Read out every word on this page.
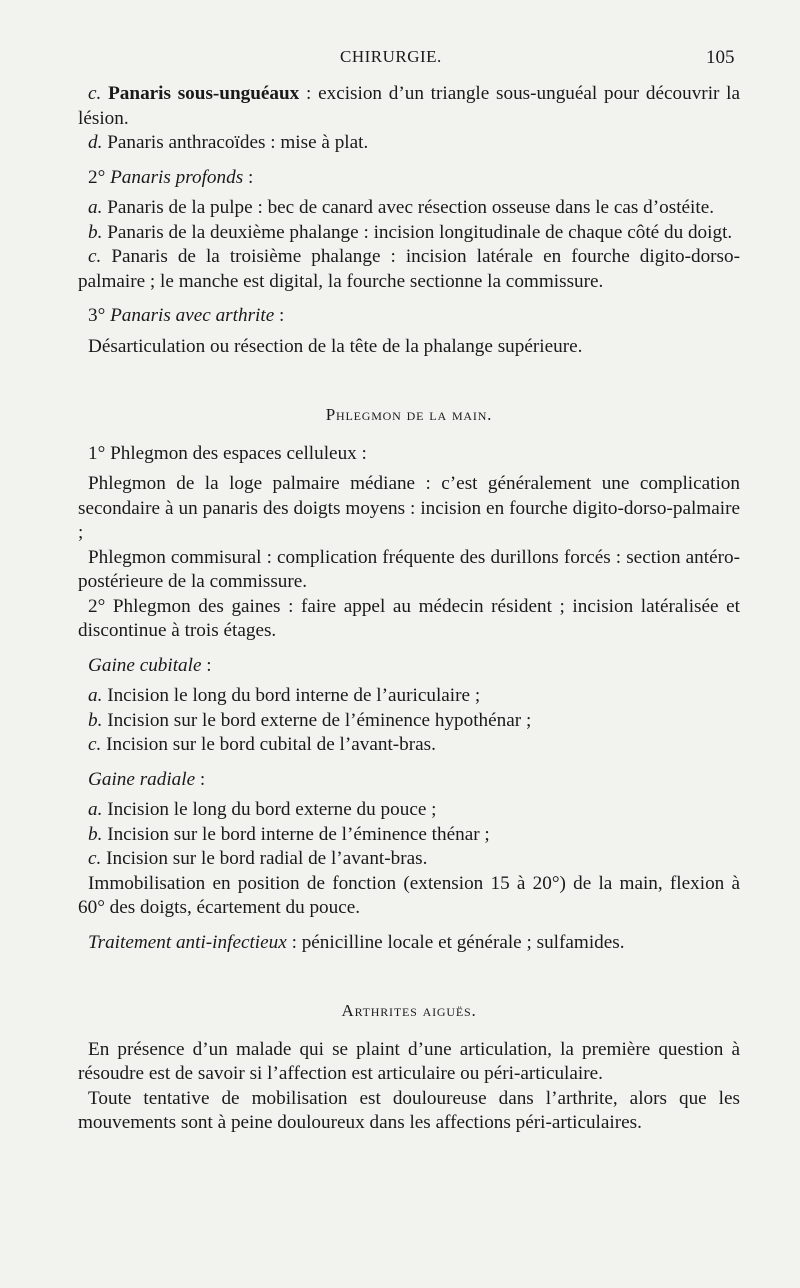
CHIRURGIE.	105

c. Panaris sous-unguéaux : excision d’un triangle sous-unguéal pour découvrir la lésion.

d. Panaris anthracoïdes : mise à plat.

2° Panaris profonds :

a. Panaris de la pulpe : bec de canard avec résection osseuse dans le cas d’ostéite.

b. Panaris de la deuxième phalange : incision longitudinale de chaque côté du doigt.

c. Panaris de la troisième phalange : incision latérale en fourche digito-dorso-palmaire ; le manche est digital, la fourche sectionne la commissure.

3° Panaris avec arthrite :

Désarticulation ou résection de la tête de la phalange supérieure.

Phlegmon de la main.

1° Phlegmon des espaces celluleux :

Phlegmon de la loge palmaire médiane : c’est généralement une complication secondaire à un panaris des doigts moyens : incision en fourche digito-dorso-palmaire ;

Phlegmon commisural : complication fréquente des durillons forcés : section antéro-postérieure de la commissure.

2° Phlegmon des gaines : faire appel au médecin résident ; incision latéralisée et discontinue à trois étages.

Gaine cubitale :

a. Incision le long du bord interne de l’auriculaire ;

b. Incision sur le bord externe de l’éminence hypothénar ;

c. Incision sur le bord cubital de l’avant-bras.

Gaine radiale :

a. Incision le long du bord externe du pouce ;

b. Incision sur le bord interne de l’éminence thénar ;

c. Incision sur le bord radial de l’avant-bras.

Immobilisation en position de fonction (extension 15 à 20°) de la main, flexion à 60° des doigts, écartement du pouce.

Traitement anti-infectieux : pénicilline locale et générale ; sulfamides.

Arthrites aiguës.

En présence d’un malade qui se plaint d’une articulation, la première question à résoudre est de savoir si l’affection est articulaire ou péri-articulaire.

Toute tentative de mobilisation est douloureuse dans l’arthrite, alors que les mouvements sont à peine douloureux dans les affections péri-articulaires.
